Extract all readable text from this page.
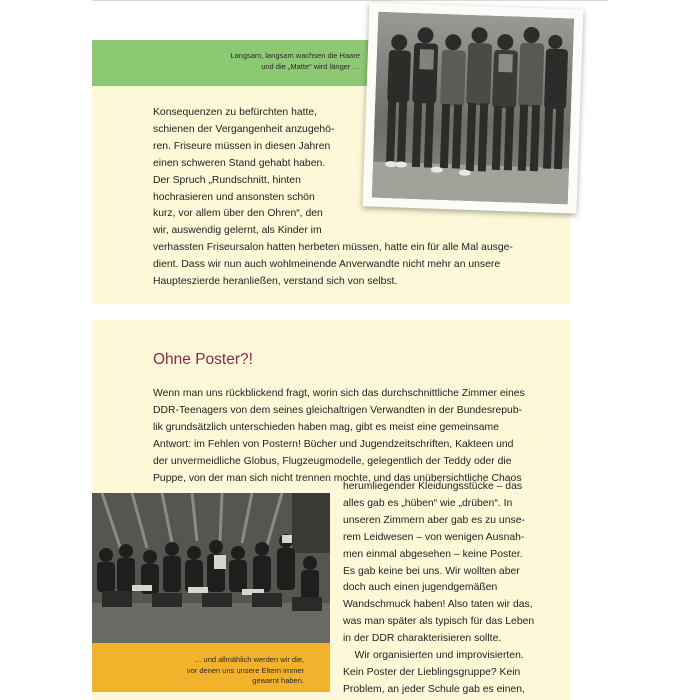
Langsam, langsam wachsen die Haare
und die „Matte“ wird länger …

Konsequenzen zu befürchten hatte,
schienen der Vergangenheit anzugehö-
ren. Friseure müssen in diesen Jahren
einen schweren Stand gehabt haben.
Der Spruch „Rundschnitt, hinten
hochrasieren und ansonsten schön
kurz, vor allem über den Ohren“, den

wir, auswendig gelernt, als Kinder im
verhassten Friseursalon hatten herbeten müssen, hatte ein für alle Mal ausge-
dient. Dass wir nun auch wohlmeinende Anverwandte nicht mehr an unsere
Haupteszierde heranließen, verstand sich von selbst.

Ohne Poster?!

Wenn man uns rückblickend fragt, worin sich das durchschnittliche Zimmer eines
DDR-Teenagers von dem seines gleichaltrigen Verwandten in der Bundesrepub-
lik grundsätzlich unterschieden haben mag, gibt es meist eine gemeinsame
Antwort: im Fehlen von Postern! Bücher und Jugendzeitschriften, Kakteen und
der unvermeidliche Globus, Flugzeugmodelle, gelegentlich der Teddy oder die
Puppe, von der man sich nicht trennen mochte, und das unübersichtliche Chaos

herumliegender Kleidungsstücke – das
alles gab es „hüben“ wie „drüben“. In
unseren Zimmern aber gab es zu unse-
rem Leidwesen – von wenigen Ausnah-
men einmal abgesehen – keine Poster.
Es gab keine bei uns. Wir wollten aber
doch auch einen jugendgemäßen
Wandschmuck haben! Also taten wir das,
was man später als typisch für das Leben
in der DDR charakterisieren sollte.
Wir organisierten und improvisierten.
Kein Poster der Lieblingsgruppe? Kein
Problem, an jeder Schule gab es einen,

… und allmählich werden wir die,
vor denen uns unsere Eltern immer
gewarnt haben.
